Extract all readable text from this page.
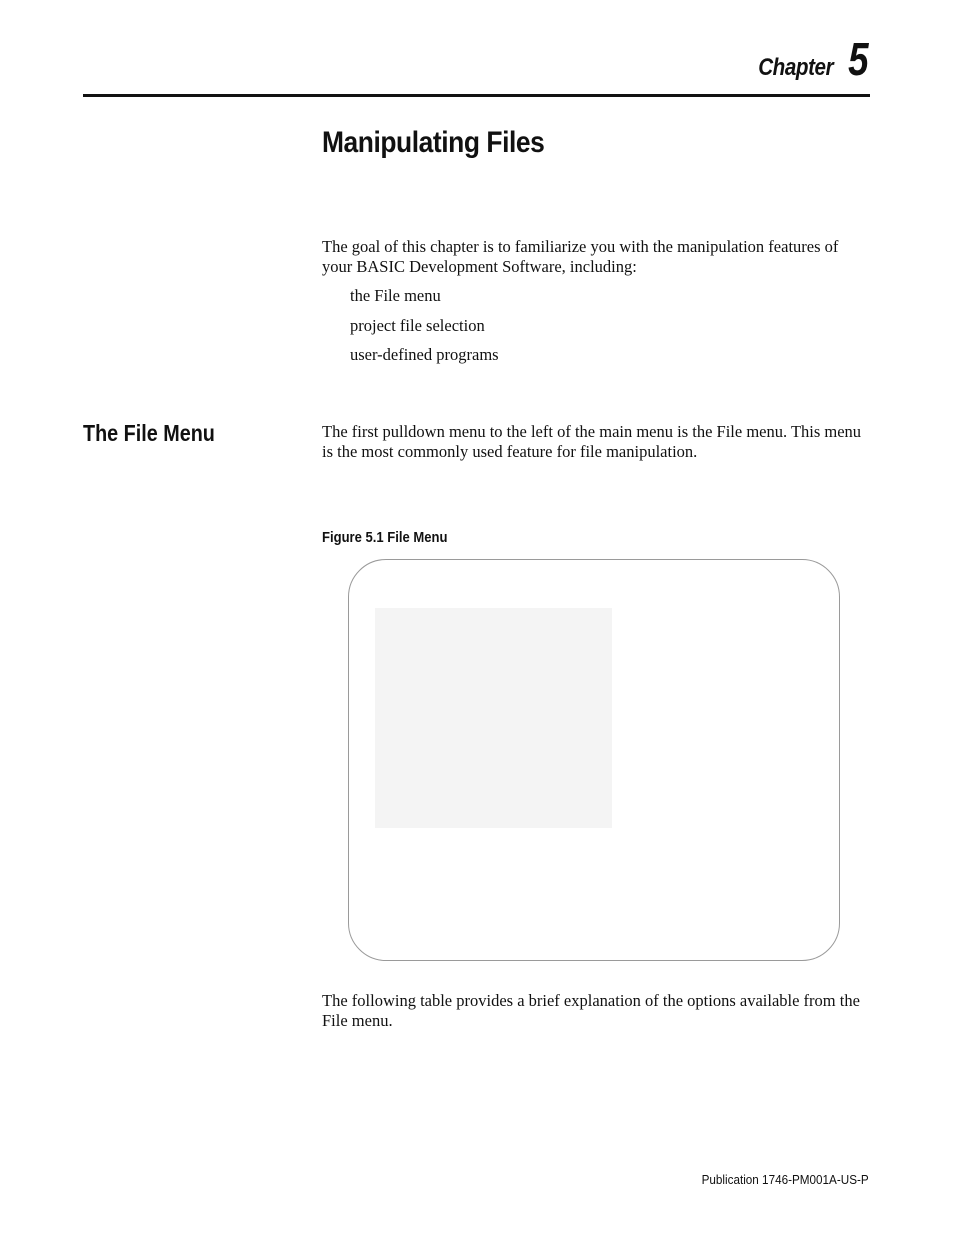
Chapter 5
Manipulating Files

The goal of this chapter is to familiarize you with the manipulation features of your BASIC Development Software, including:

the File menu
project file selection
user-defined programs
The File Menu	The first pulldown menu to the left of the main menu is the File menu. This menu is the most commonly used feature for file manipulation.

Figure 5.1 File Menu

The following table provides a brief explanation of the options available from the File menu.

Publication 1746-PM001A-US-P
